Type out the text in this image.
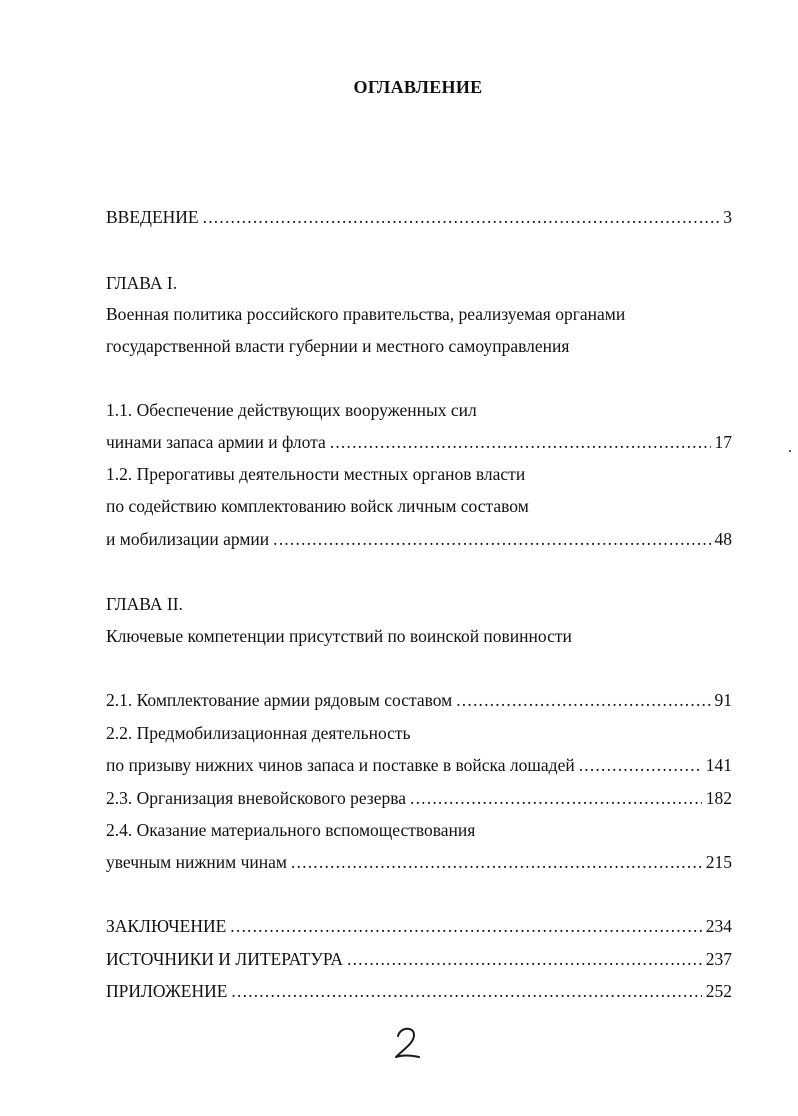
ОГЛАВЛЕНИЕ
ВВЕДЕНИЕ .....	3
ГЛАВА I.
Военная политика российского правительства, реализуемая органами
государственной власти губернии и местного самоуправления
1.1. Обеспечение действующих вооруженных сил
чинами запаса армии и флота .....	17
1.2. Прерогативы деятельности местных органов власти
по содействию комплектованию войск личным составом
и мобилизации армии .....	48
ГЛАВА II.
Ключевые компетенции присутствий по воинской повинности
2.1. Комплектование армии рядовым составом .....	91
2.2. Предмобилизационная деятельность
по призыву нижних чинов запаса и поставке в войска лошадей .....	141
2.3. Организация вневойскового резерва .....	182
2.4. Оказание материального вспомоществования
увечным нижним чинам .....	215
ЗАКЛЮЧЕНИЕ .....	234
ИСТОЧНИКИ И ЛИТЕРАТУРА .....	237
ПРИЛОЖЕНИЕ .....	252
